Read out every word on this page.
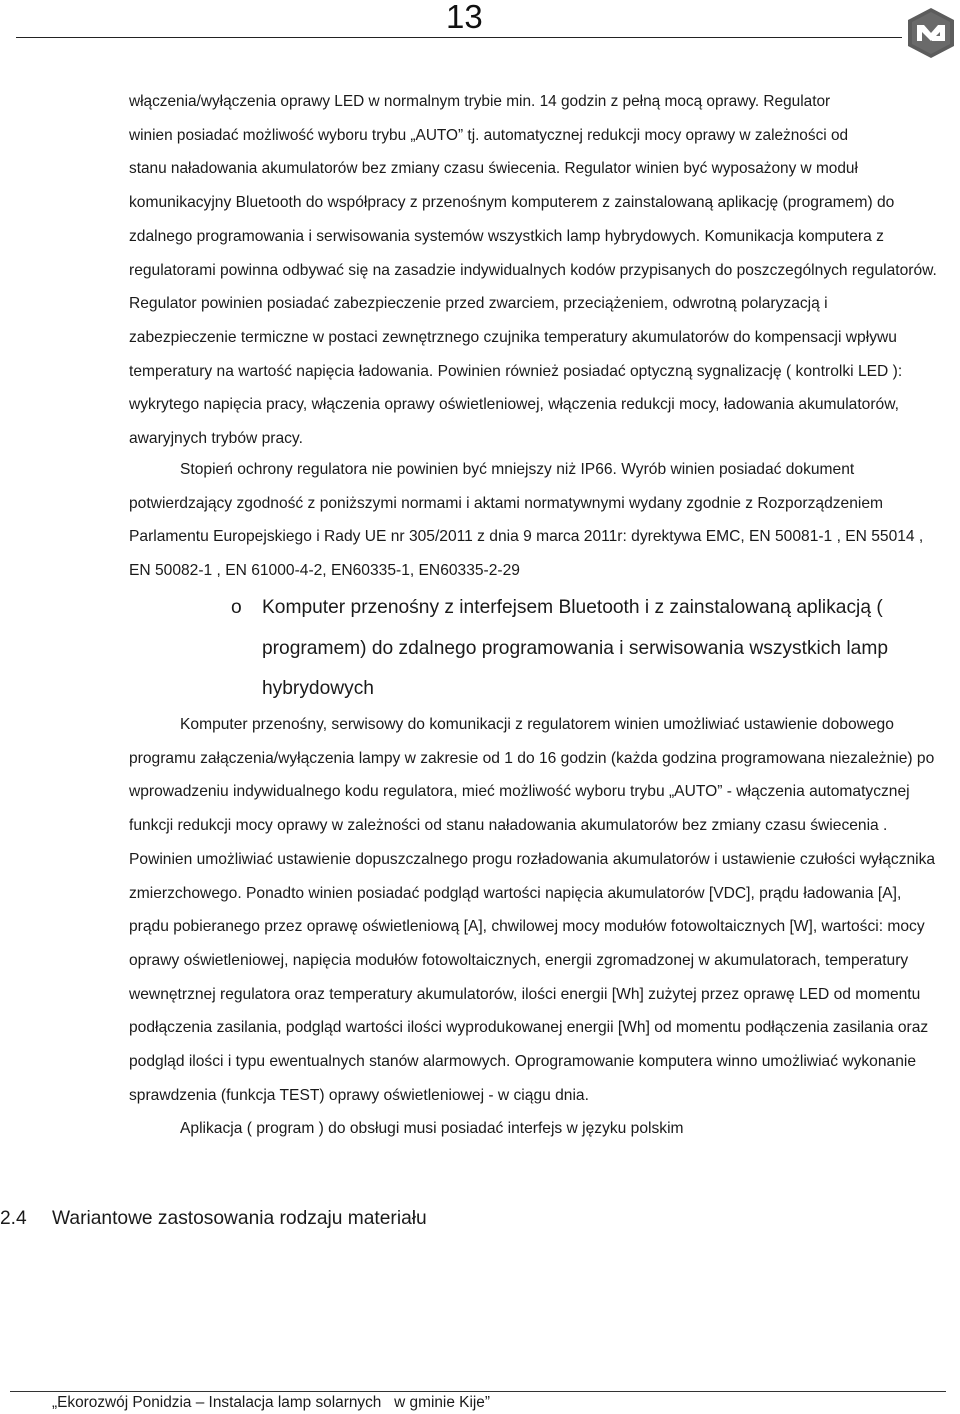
13
włączenia/wyłączenia oprawy LED w normalnym trybie min. 14 godzin z pełną mocą oprawy. Regulator
winien posiadać możliwość wyboru trybu „AUTO” tj. automatycznej redukcji mocy oprawy w zależności od
stanu naładowania akumulatorów bez zmiany czasu świecenia. Regulator winien być wyposażony w moduł
komunikacyjny Bluetooth do współpracy z przenośnym komputerem z zainstalowaną aplikację (programem) do zdalnego programowania i serwisowania systemów wszystkich lamp hybrydowych. Komunikacja komputera z regulatorami powinna odbywać się na zasadzie indywidualnych kodów przypisanych do poszczególnych regulatorów. Regulator powinien posiadać zabezpieczenie przed zwarciem, przeciążeniem, odwrotną polaryzacją i zabezpieczenie termiczne w postaci zewnętrznego czujnika temperatury akumulatorów do kompensacji wpływu temperatury na wartość napięcia ładowania. Powinien również posiadać optyczną sygnalizację ( kontrolki LED ): wykrytego napięcia pracy, włączenia oprawy oświetleniowej, włączenia redukcji mocy, ładowania akumulatorów, awaryjnych trybów pracy.
Stopień ochrony regulatora nie powinien być mniejszy niż IP66. Wyrób winien posiadać dokument potwierdzający zgodność z poniższymi normami i aktami normatywnymi wydany zgodnie z Rozporządzeniem Parlamentu Europejskiego i Rady UE nr 305/2011 z dnia 9 marca 2011r: dyrektywa EMC, EN 50081-1 , EN 55014 , EN 50082-1 , EN 61000-4-2, EN60335-1, EN60335-2-29
o Komputer przenośny z interfejsem Bluetooth i z zainstalowaną aplikacją ( programem) do zdalnego programowania i serwisowania wszystkich lamp hybrydowych
Komputer przenośny, serwisowy do komunikacji z regulatorem winien umożliwiać ustawienie dobowego programu załączenia/wyłączenia lampy w zakresie od 1 do 16 godzin (każda godzina programowana niezależnie) po wprowadzeniu indywidualnego kodu regulatora, mieć możliwość wyboru trybu „AUTO” - włączenia automatycznej funkcji redukcji mocy oprawy w zależności od stanu naładowania akumulatorów bez zmiany czasu świecenia . Powinien umożliwiać ustawienie dopuszczalnego progu rozładowania akumulatorów i ustawienie czułości wyłącznika zmierzchowego. Ponadto winien posiadać podgląd wartości napięcia akumulatorów [VDC], prądu ładowania [A], prądu pobieranego przez oprawę oświetleniową [A], chwilowej mocy modułów fotowoltaicznych [W], wartości: mocy oprawy oświetleniowej, napięcia modułów fotowoltaicznych, energii zgromadzonej w akumulatorach, temperatury wewnętrznej regulatora oraz temperatury akumulatorów, ilości energii [Wh] zużytej przez oprawę LED od momentu podłączenia zasilania, podgląd wartości ilości wyprodukowanej energii [Wh] od momentu podłączenia zasilania oraz podgląd ilości i typu ewentualnych stanów alarmowych. Oprogramowanie komputera winno umożliwiać wykonanie sprawdzenia (funkcja TEST) oprawy oświetleniowej - w ciągu dnia.
Aplikacja ( program ) do obsługi musi posiadać interfejs w języku polskim
2.4 Wariantowe zastosowania rodzaju materiału
„Ekorozwój Ponidzia – Instalacja lamp solarnych   w gminie Kije”
